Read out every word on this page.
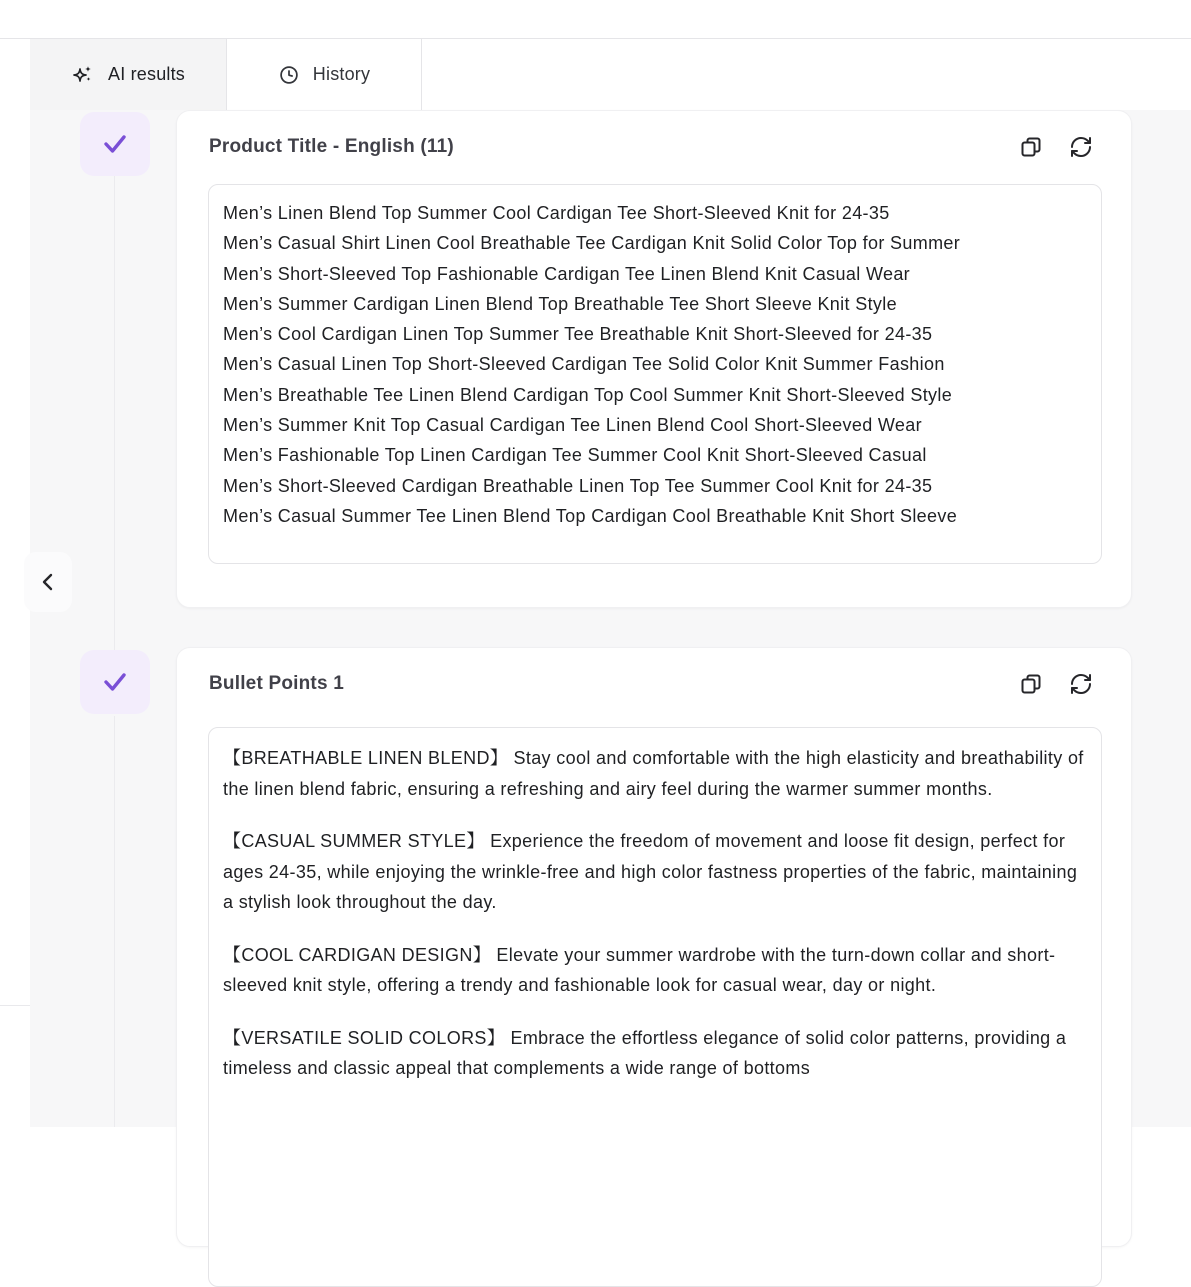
AI results	History
Product Title - English (11)
Men’s Linen Blend Top Summer Cool Cardigan Tee Short-Sleeved Knit for 24-35
Men’s Casual Shirt Linen Cool Breathable Tee Cardigan Knit Solid Color Top for Summer
Men’s Short-Sleeved Top Fashionable Cardigan Tee Linen Blend Knit Casual Wear
Men’s Summer Cardigan Linen Blend Top Breathable Tee Short Sleeve Knit Style
Men’s Cool Cardigan Linen Top Summer Tee Breathable Knit Short-Sleeved for 24-35
Men’s Casual Linen Top Short-Sleeved Cardigan Tee Solid Color Knit Summer Fashion
Men’s Breathable Tee Linen Blend Cardigan Top Cool Summer Knit Short-Sleeved Style
Men’s Summer Knit Top Casual Cardigan Tee Linen Blend Cool Short-Sleeved Wear
Men’s Fashionable Top Linen Cardigan Tee Summer Cool Knit Short-Sleeved Casual
Men’s Short-Sleeved Cardigan Breathable Linen Top Tee Summer Cool Knit for 24-35
Men’s Casual Summer Tee Linen Blend Top Cardigan Cool Breathable Knit Short Sleeve
Bullet Points 1
【BREATHABLE LINEN BLEND】 Stay cool and comfortable with the high elasticity and breathability of the linen blend fabric, ensuring a refreshing and airy feel during the warmer summer months.
【CASUAL SUMMER STYLE】 Experience the freedom of movement and loose fit design, perfect for ages 24-35, while enjoying the wrinkle-free and high color fastness properties of the fabric, maintaining a stylish look throughout the day.
【COOL CARDIGAN DESIGN】 Elevate your summer wardrobe with the turn-down collar and short-sleeved knit style, offering a trendy and fashionable look for casual wear, day or night.
【VERSATILE SOLID COLORS】 Embrace the effortless elegance of solid color patterns, providing a timeless and classic appeal that complements a wide range of bottoms
